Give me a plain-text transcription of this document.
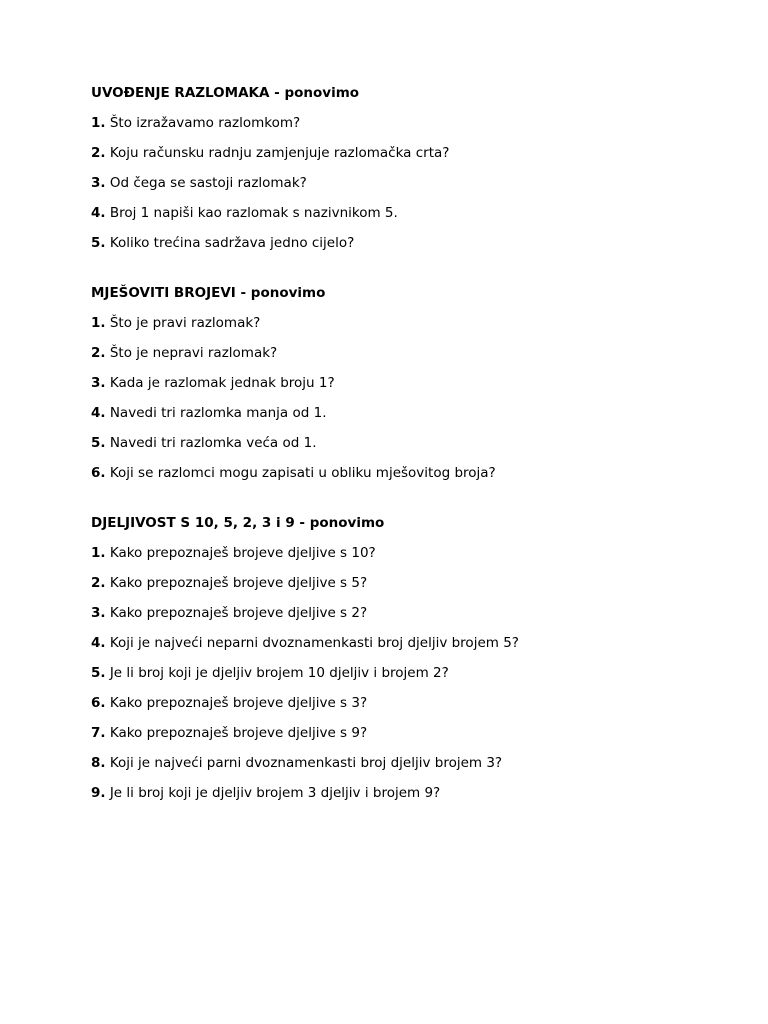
UVOĐENJE RAZLOMAKA - ponovimo
1. Što izražavamo razlomkom?
2. Koju računsku radnju zamjenjuje razlomačka crta?
3. Od čega se sastoji razlomak?
4. Broj 1 napiši kao razlomak s nazivnikom 5.
5. Koliko trećina sadržava jedno cijelo?
MJEŠOVITI BROJEVI - ponovimo
1. Što je pravi razlomak?
2. Što je nepravi razlomak?
3. Kada je razlomak jednak broju 1?
4. Navedi tri razlomka manja od 1.
5. Navedi tri razlomka veća od 1.
6. Koji se razlomci mogu zapisati u obliku mješovitog broja?
DJELJIVOST S 10, 5, 2, 3 i 9 - ponovimo
1. Kako prepoznaješ brojeve djeljive s 10?
2. Kako prepoznaješ brojeve djeljive s 5?
3. Kako prepoznaješ brojeve djeljive s 2?
4. Koji je najveći neparni dvoznamenkasti broj djeljiv brojem 5?
5. Je li broj koji je djeljiv brojem 10 djeljiv i brojem 2?
6. Kako prepoznaješ brojeve djeljive s 3?
7. Kako prepoznaješ brojeve djeljive s 9?
8. Koji je najveći parni dvoznamenkasti broj djeljiv brojem 3?
9. Je li broj koji je djeljiv brojem 3 djeljiv i brojem 9?
